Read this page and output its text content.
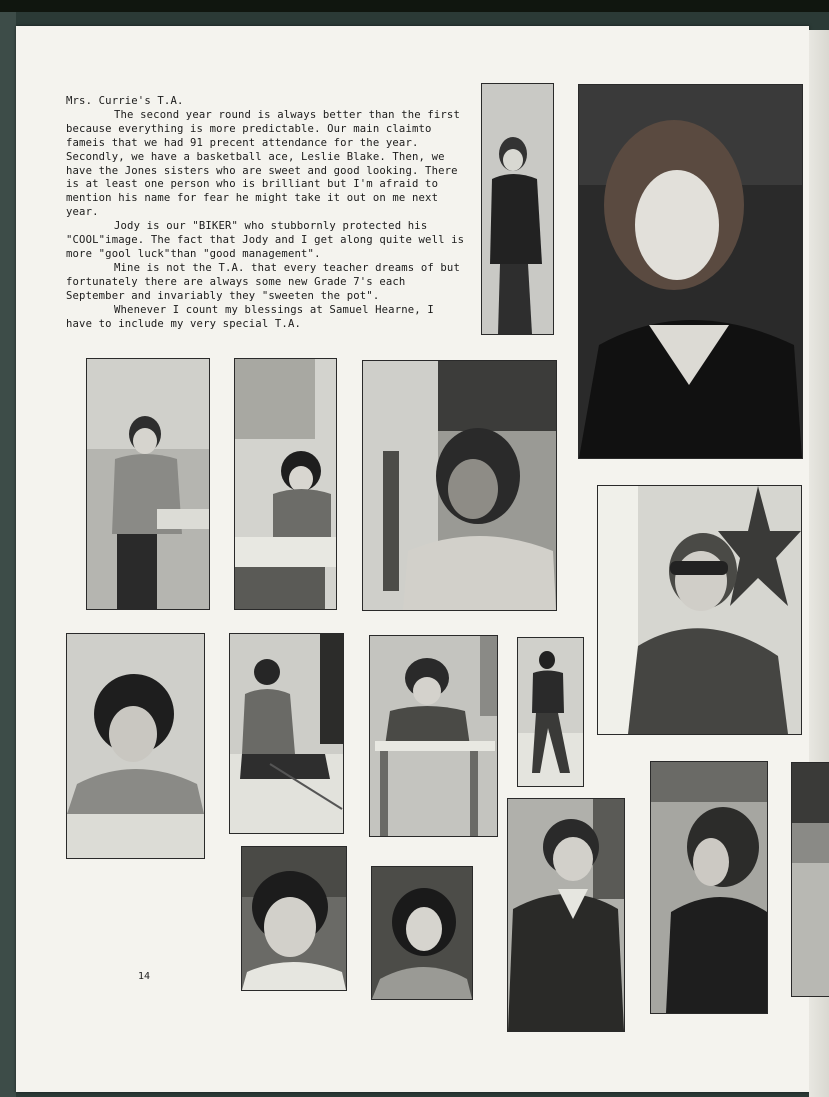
Mrs. Currie's T.A.

The second year round is always better than the first because everything is more predictable. Our main claimto fameis that we had 91 precent attendance for the year. Secondly, we have a basketball ace, Leslie Blake. Then, we have the Jones sisters who are sweet and good looking. There is at least one person who is brilliant but I'm afraid to mention his name for fear he might take it out on me next year.

Jody is our "BIKER" who stubbornly protected his "COOL"image. The fact that Jody and I get along quite well is more "gool luck"than "good management".

Mine is not the T.A. that every teacher dreams of but fortunately there are always some new Grade 7's each September and invariably they "sweeten the pot".

Whenever I count my blessings at Samuel Hearne, I have to include my very special T.A.

14
